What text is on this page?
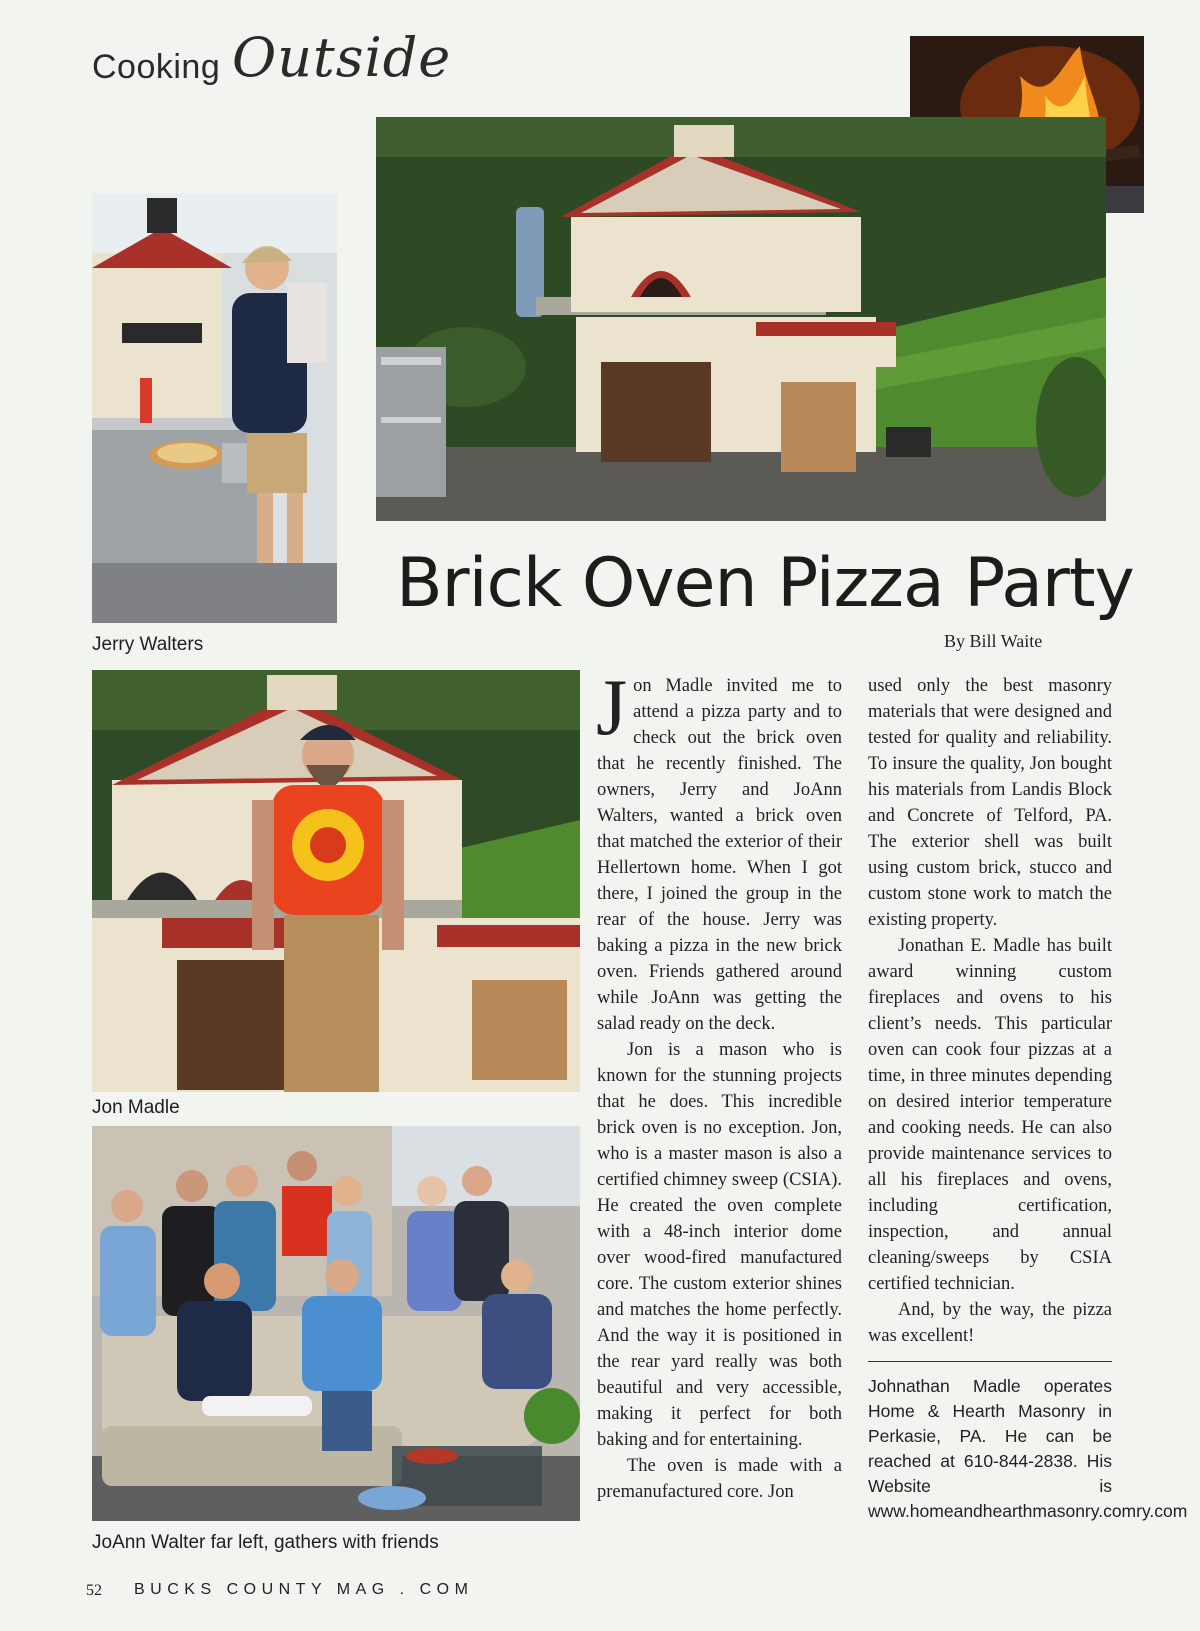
Cooking Outside
Jerry Walters
Brick Oven Pizza Party
By Bill Waite
Jon Madle
JoAnn Walter far left, gathers with friends

Jon Madle invited me to attend a pizza party and to check out the brick oven that he recently finished. The owners, Jerry and JoAnn Walters, wanted a brick oven that matched the exterior of their Hellertown home. When I got there, I joined the group in the rear of the house. Jerry was baking a pizza in the new brick oven. Friends gathered around while JoAnn was getting the salad ready on the deck.

Jon is a mason who is known for the stunning projects that he does. This incredible brick oven is no exception. Jon, who is a master mason is also a certified chimney sweep (CSIA). He created the oven complete with a 48-inch interior dome over wood-fired manufactured core. The custom exterior shines and matches the home perfectly. And the way it is positioned in the rear yard really was both beautiful and very accessible, making it perfect for both baking and for entertaining.

The oven is made with a premanufactured core. Jon

used only the best masonry materials that were designed and tested for quality and reliability. To insure the quality, Jon bought his materials from Landis Block and Concrete of Telford, PA. The exterior shell was built using custom brick, stucco and custom stone work to match the existing property.

Jonathan E. Madle has built award winning custom fireplaces and ovens to his client’s needs. This particular oven can cook four pizzas at a time, in three minutes depending on desired interior temperature and cooking needs. He can also provide maintenance services to all his fireplaces and ovens, including certification, inspection, and annual cleaning/sweeps by CSIA certified technician.

And, by the way, the pizza was excellent!

Johnathan Madle operates Home & Hearth Masonry in Perkasie, PA. He can be reached at 610-844-2838. His Website is www.homeandhearthmasonry.comry.com
52 BUCKS COUNTY MAG . COM
